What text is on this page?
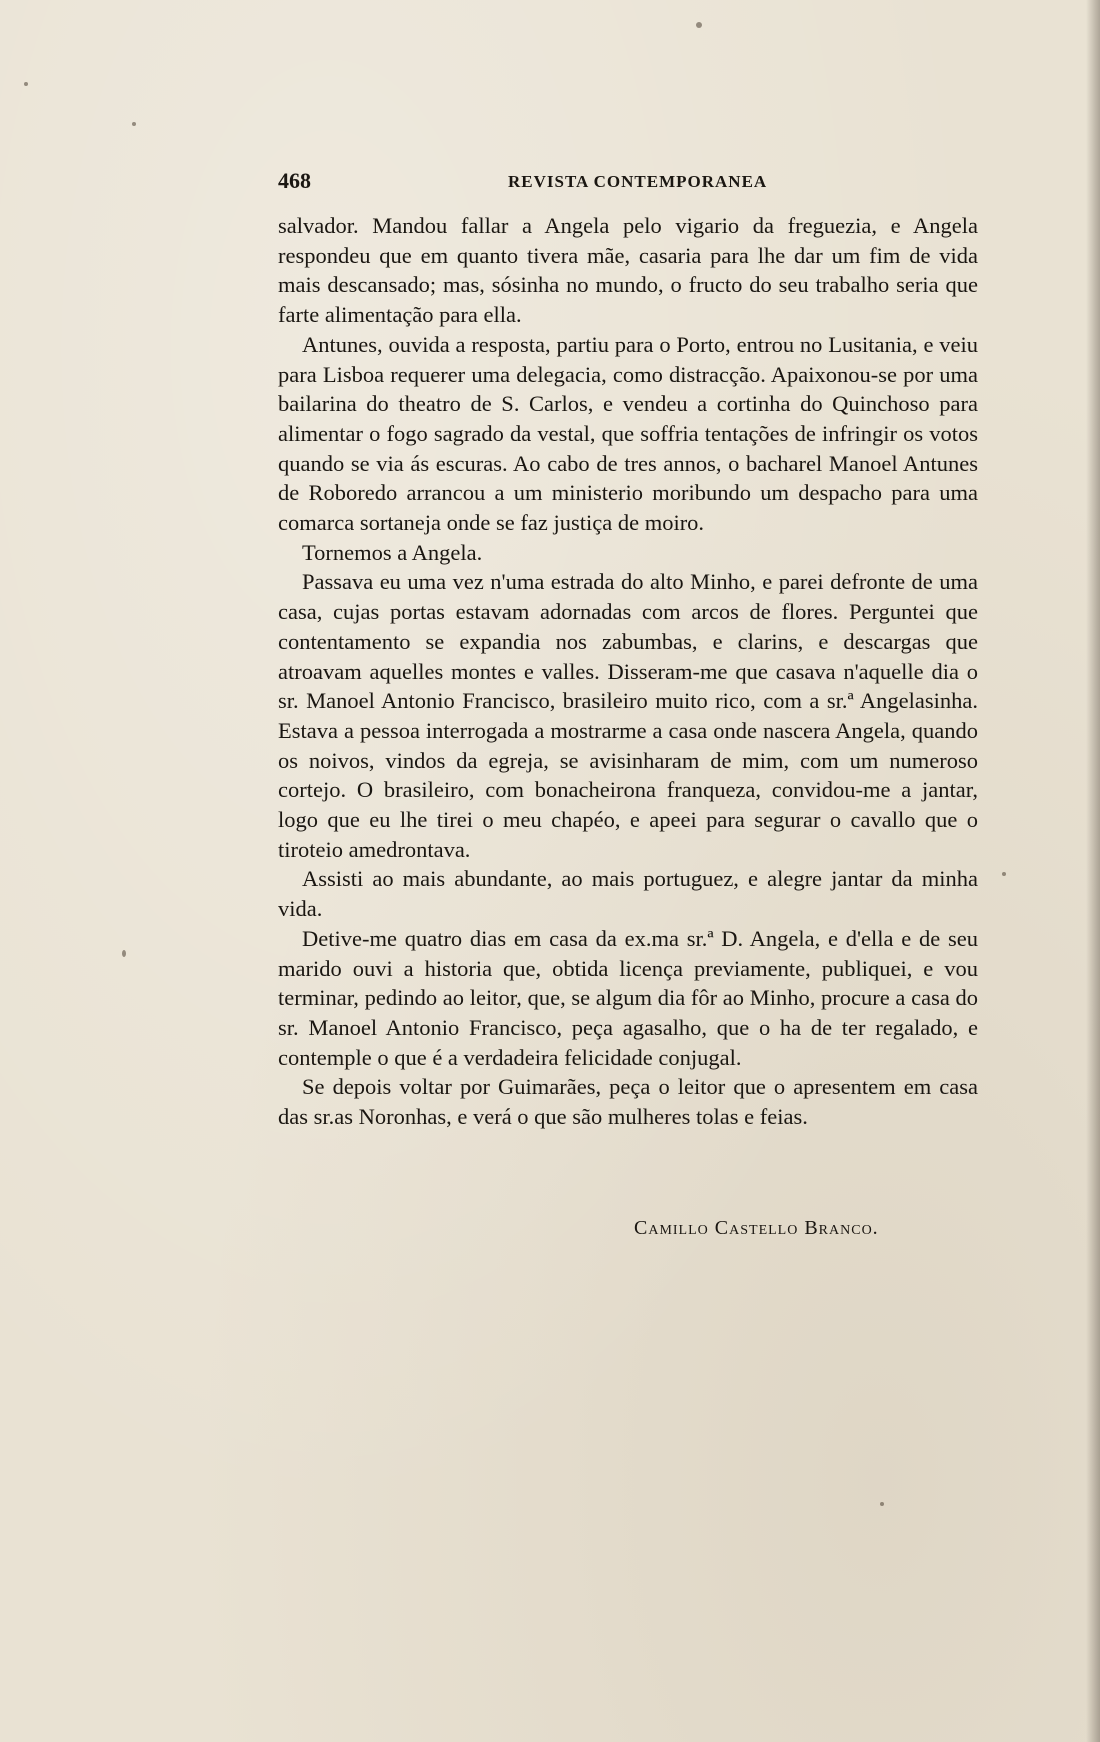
468	REVISTA CONTEMPORANEA

salvador. Mandou fallar a Angela pelo vigario da freguezia, e Angela respondeu que em quanto tivera mãe, casaria para lhe dar um fim de vida mais descansado; mas, sósinha no mundo, o fructo do seu trabalho seria que farte alimentação para ella.

Antunes, ouvida a resposta, partiu para o Porto, entrou no Lusitania, e veiu para Lisboa requerer uma delegacia, como distracção. Apaixonou-se por uma bailarina do theatro de S. Carlos, e vendeu a cortinha do Quinchoso para alimentar o fogo sagrado da vestal, que soffria tentações de infringir os votos quando se via ás escuras. Ao cabo de tres annos, o bacharel Manoel Antunes de Roboredo arrancou a um ministerio moribundo um despacho para uma comarca sortaneja onde se faz justiça de moiro.

Tornemos a Angela.

Passava eu uma vez n'uma estrada do alto Minho, e parei defronte de uma casa, cujas portas estavam adornadas com arcos de flores. Perguntei que contentamento se expandia nos zabumbas, e clarins, e descargas que atroavam aquelles montes e valles. Disseram-me que casava n'aquelle dia o sr. Manoel Antonio Francisco, brasileiro muito rico, com a sr.ª Angelasinha. Estava a pessoa interrogada a mostrarme a casa onde nascera Angela, quando os noivos, vindos da egreja, se avisinharam de mim, com um numeroso cortejo. O brasileiro, com bonacheirona franqueza, convidou-me a jantar, logo que eu lhe tirei o meu chapéo, e apeei para segurar o cavallo que o tiroteio amedrontava.

Assisti ao mais abundante, ao mais portuguez, e alegre jantar da minha vida.

Detive-me quatro dias em casa da ex.ma sr.ª D. Angela, e d'ella e de seu marido ouvi a historia que, obtida licença previamente, publiquei, e vou terminar, pedindo ao leitor, que, se algum dia fôr ao Minho, procure a casa do sr. Manoel Antonio Francisco, peça agasalho, que o ha de ter regalado, e contemple o que é a verdadeira felicidade conjugal.

Se depois voltar por Guimarães, peça o leitor que o apresentem em casa das sr.as Noronhas, e verá o que são mulheres tolas e feias.

Camillo Castello Branco.
